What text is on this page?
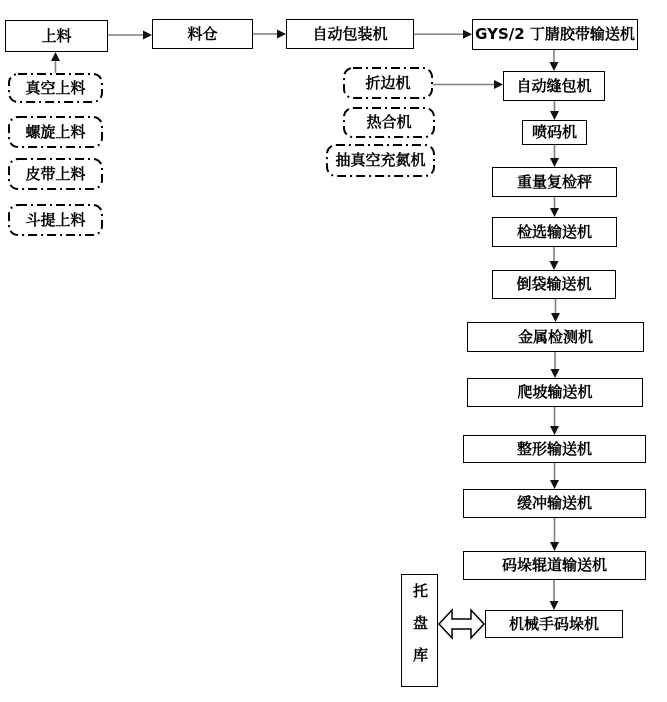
上料	料仓	自动包装机	GYS/2 丁腈胶带输送机
真空上料
螺旋上料
皮带上料
斗提上料
折边机
热合机
抽真空充氮机
自动缝包机
喷码机
重量复检秤
检选输送机
倒袋输送机
金属检测机
爬坡输送机
整形输送机
缓冲输送机
码垛辊道输送机
机械手码垛机
托盘库
